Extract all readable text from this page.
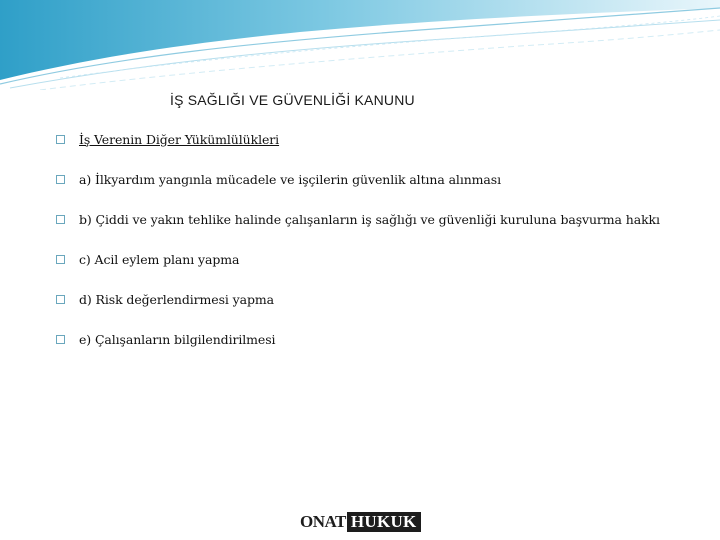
İŞ SAĞLIĞI VE GÜVENLİĞİ KANUNU
İş Verenin Diğer Yükümlülükleri
a) İlkyardım yangınla mücadele ve işçilerin güvenlik altına alınması
b) Çiddi ve yakın tehlike halinde çalışanların iş sağlığı ve güvenliği kuruluna başvurma hakkı
c) Acil eylem planı yapma
d) Risk değerlendirmesi yapma
e) Çalışanların bilgilendirilmesi
ONAT HUKUK
